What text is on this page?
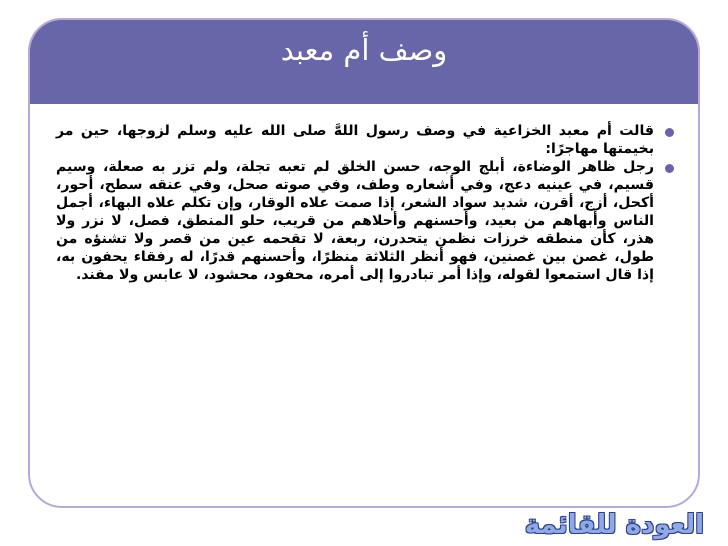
وصف أم معبد
قالت أم معبد الخزاعية في وصف رسول اللهَّ صلى الله عليه وسلم لزوجها، حين مر بخيمتها مهاجرًا:
رجل ظاهر الوضاءة، أبلج الوجه، حسن الخلق لم تعبه تجلة، ولم تزر به صعلة، وسيم قسيم، في عينيه دعج، وفي أشعاره وطف، وفي صوته صحل، وفي عنقه سطح، أحور، أكحل، أزج، أقرن، شديد سواد الشعر، إذا صمت علاه الوقار، وإن تكلم علاه البهاء، أجمل الناس وأبهاهم من بعيد، وأحسنهم وأحلاهم من قريب، حلو المنطق، فصل، لا نزر ولا هذر، كأن منطقه خرزات نظمن يتحدرن، ربعة، لا تقحمه عين من قصر ولا تشنؤه من طول، غصن بين غصنين، فهو أنظر الثلاثة منظرًا، وأحسنهم قدرًا، له رفقاء يحفون به، إذا قال استمعوا لقوله، وإذا أمر تبادروا إلى أمره، محفود، محشود، لا عابس ولا مفند.
العودة للقائمة
